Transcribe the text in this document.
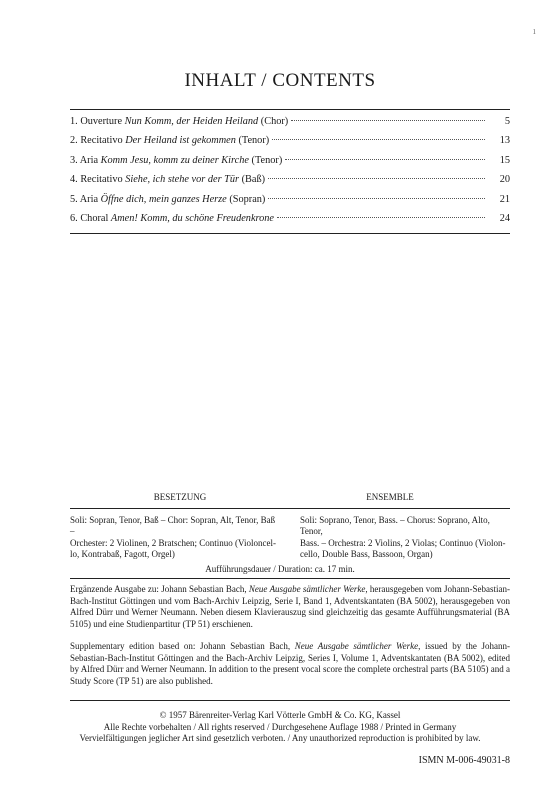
1
INHALT / CONTENTS
1. Ouverture Nun Komm, der Heiden Heiland (Chor)	5
2. Recitativo Der Heiland ist gekommen (Tenor)	13
3. Aria Komm Jesu, komm zu deiner Kirche (Tenor)	15
4. Recitativo Siehe, ich stehe vor der Tür (Baß)	20
5. Aria Öffne dich, mein ganzes Herze (Sopran)	21
6. Choral Amen! Komm, du schöne Freudenkrone	24
BESETZUNG	ENSEMBLE
Soli: Sopran, Tenor, Baß – Chor: Sopran, Alt, Tenor, Baß –
Orchester: 2 Violinen, 2 Bratschen; Continuo (Violoncel-
lo, Kontrabaß, Fagott, Orgel)
Soli: Soprano, Tenor, Bass. – Chorus: Soprano, Alto, Tenor,
Bass. – Orchestra: 2 Violins, 2 Violas; Continuo (Violon-
cello, Double Bass, Bassoon, Organ)
Aufführungsdauer / Duration: ca. 17 min.
Ergänzende Ausgabe zu: Johann Sebastian Bach, Neue Ausgabe sämtlicher Werke, herausgegeben vom Johann-Sebastian-Bach-Institut Göttingen und vom Bach-Archiv Leipzig, Serie I, Band 1, Adventskantaten (BA 5002), herausgegeben von Alfred Dürr und Werner Neumann. Neben diesem Klavierauszug sind gleichzeitig das gesamte Aufführungsmaterial (BA 5105) und eine Studienpartitur (TP 51) erschienen.
Supplementary edition based on: Johann Sebastian Bach, Neue Ausgabe sämtlicher Werke, issued by the Johann-Sebastian-Bach-Institut Göttingen and the Bach-Archiv Leipzig, Series I, Volume 1, Adventskantaten (BA 5002), edited by Alfred Dürr and Werner Neumann. In addition to the present vocal score the complete orchestral parts (BA 5105) and a Study Score (TP 51) are also published.
© 1957 Bärenreiter-Verlag Karl Vötterle GmbH & Co. KG, Kassel
Alle Rechte vorbehalten / All rights reserved / Durchgesehene Auflage 1988 / Printed in Germany
Vervielfältigungen jeglicher Art sind gesetzlich verboten. / Any unauthorized reproduction is prohibited by law.
ISMN M-006-49031-8
